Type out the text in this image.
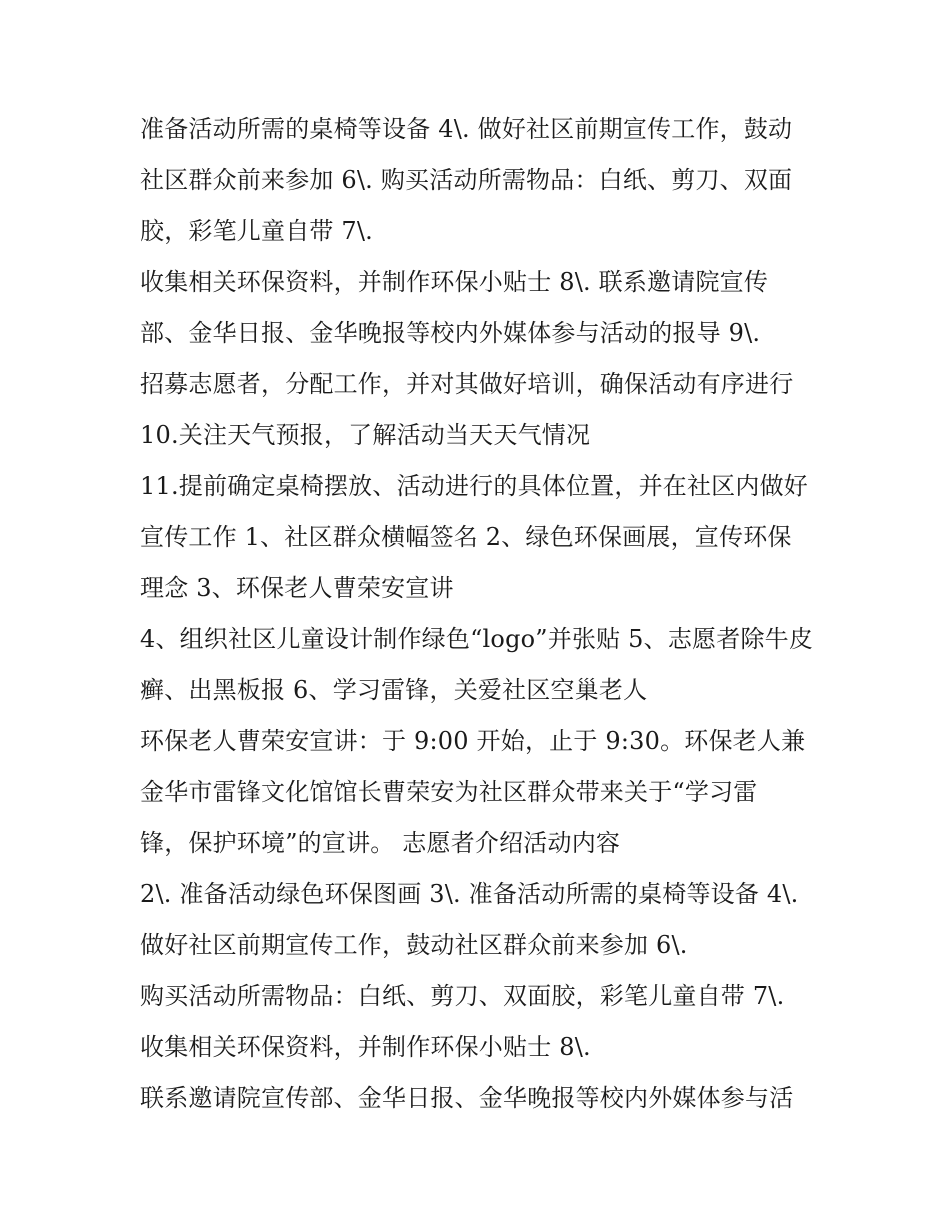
准备活动所需的桌椅等设备 4\. 做好社区前期宣传工作，鼓动
社区群众前来参加 6\. 购买活动所需物品：白纸、剪刀、双面
胶，彩笔儿童自带 7\.
收集相关环保资料，并制作环保小贴士 8\. 联系邀请院宣传
部、金华日报、金华晚报等校内外媒体参与活动的报导 9\.
招募志愿者，分配工作，并对其做好培训，确保活动有序进行
10.关注天气预报，了解活动当天天气情况
11.提前确定桌椅摆放、活动进行的具体位置，并在社区内做好
宣传工作 1、社区群众横幅签名 2、绿色环保画展，宣传环保
理念 3、环保老人曹荣安宣讲
4、组织社区儿童设计制作绿色“logo”并张贴 5、志愿者除牛皮
癣、出黑板报 6、学习雷锋，关爱社区空巢老人
环保老人曹荣安宣讲：于 9:00 开始，止于 9:30。环保老人兼
金华市雷锋文化馆馆长曹荣安为社区群众带来关于“学习雷
锋，保护环境”的宣讲。 志愿者介绍活动内容
2\. 准备活动绿色环保图画 3\. 准备活动所需的桌椅等设备 4\.
做好社区前期宣传工作，鼓动社区群众前来参加 6\.
购买活动所需物品：白纸、剪刀、双面胶，彩笔儿童自带 7\.
收集相关环保资料，并制作环保小贴士 8\.
联系邀请院宣传部、金华日报、金华晚报等校内外媒体参与活
